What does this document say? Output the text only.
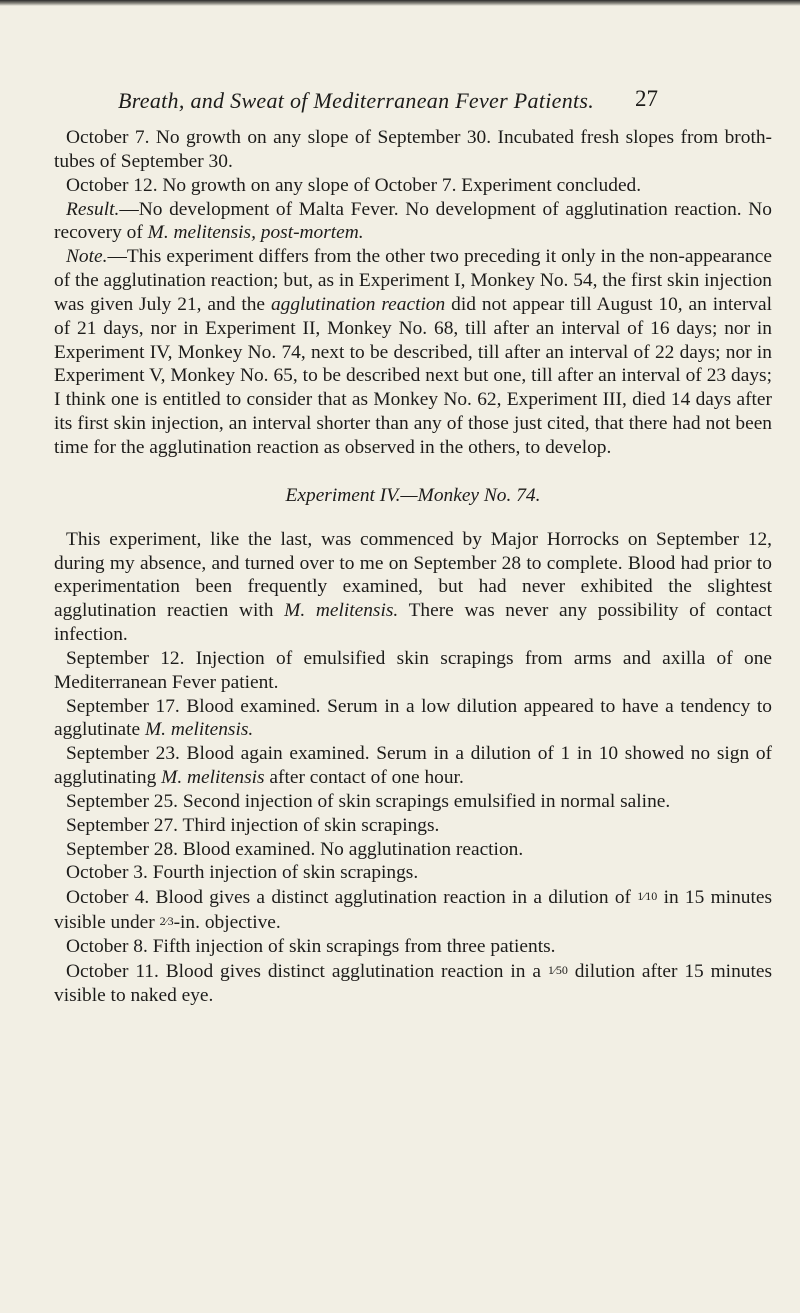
Breath, and Sweat of Mediterranean Fever Patients.	27

October 7. No growth on any slope of September 30. Incubated fresh slopes from broth-tubes of September 30.

October 12. No growth on any slope of October 7. Experiment concluded.

Result.—No development of Malta Fever. No development of agglutination reaction. No recovery of M. melitensis, post-mortem.

Note.—This experiment differs from the other two preceding it only in the non-appearance of the agglutination reaction; but, as in Experiment I, Monkey No. 54, the first skin injection was given July 21, and the agglutination reaction did not appear till August 10, an interval of 21 days, nor in Experiment II, Monkey No. 68, till after an interval of 16 days; nor in Experiment IV, Monkey No. 74, next to be described, till after an interval of 22 days; nor in Experiment V, Monkey No. 65, to be described next but one, till after an interval of 23 days; I think one is entitled to consider that as Monkey No. 62, Experiment III, died 14 days after its first skin injection, an interval shorter than any of those just cited, that there had not been time for the agglutination reaction as observed in the others, to develop.

Experiment IV.—Monkey No. 74.

This experiment, like the last, was commenced by Major Horrocks on September 12, during my absence, and turned over to me on September 28 to complete. Blood had prior to experimentation been frequently examined, but had never exhibited the slightest agglutination reactien with M. melitensis. There was never any possibility of contact infection.

September 12. Injection of emulsified skin scrapings from arms and axilla of one Mediterranean Fever patient.

September 17. Blood examined. Serum in a low dilution appeared to have a tendency to agglutinate M. melitensis.

September 23. Blood again examined. Serum in a dilution of 1 in 10 showed no sign of agglutinating M. melitensis after contact of one hour.

September 25. Second injection of skin scrapings emulsified in normal saline.

September 27. Third injection of skin scrapings.

September 28. Blood examined. No agglutination reaction.

October 3. Fourth injection of skin scrapings.

October 4. Blood gives a distinct agglutination reaction in a dilution of 1⁄10 in 15 minutes visible under 2⁄3-in. objective.

October 8. Fifth injection of skin scrapings from three patients.

October 11. Blood gives distinct agglutination reaction in a 1⁄50 dilution after 15 minutes visible to naked eye.
